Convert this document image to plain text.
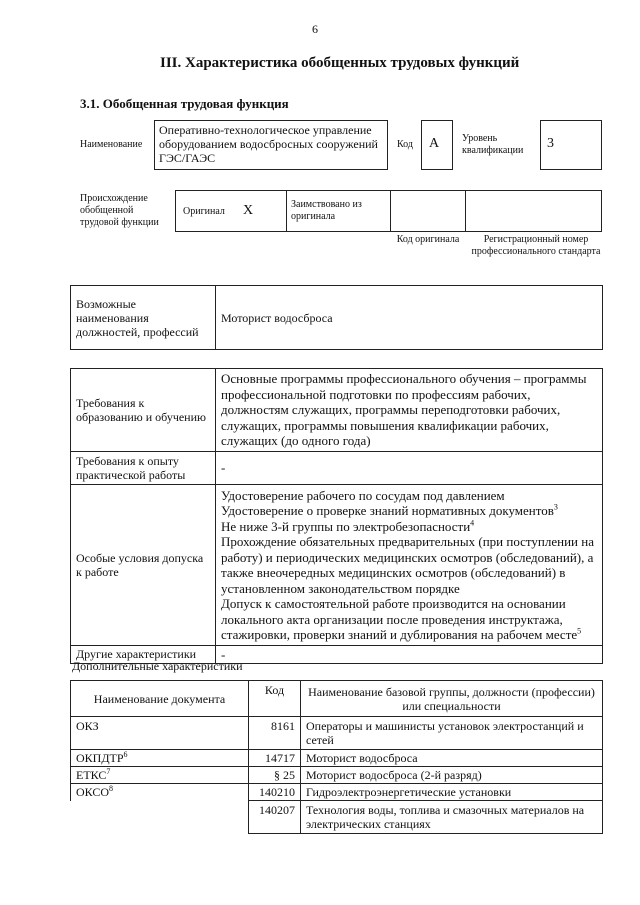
6
III. Характеристика обобщенных трудовых функций
3.1. Обобщенная трудовая функция
Наименование
Оперативно-технологическое управление оборудованием водосбросных сооружений ГЭС/ГАЭС
Код	А	Уровень квалификации	3
Происхождение обобщенной трудовой функции
Оригинал X	Заимствовано из оригинала
Код оригинала	Регистрационный номер профессионального стандарта
Возможные наименования должностей, профессий	Моторист водосброса
Требования к образованию и обучению	Основные программы профессионального обучения – программы профессиональной подготовки по профессиям рабочих, должностям служащих, программы переподготовки рабочих, служащих, программы повышения квалификации рабочих, служащих (до одного года)
Требования к опыту практической работы	-
Особые условия допуска к работе	Удостоверение рабочего по сосудам под давлением
Удостоверение о проверке знаний нормативных документов$^3$
Не ниже 3-й группы по электробезопасности$^4$
Прохождение обязательных предварительных (при поступлении на работу) и периодических медицинских осмотров (обследований), а также внеочередных медицинских осмотров (обследований) в установленном законодательством порядке
Допуск к самостоятельной работе производится на основании локального акта организации после проведения инструктажа, стажировки, проверки знаний и дублирования на рабочем месте$^5$

Другие характеристики	-
Дополнительные характеристики
Наименование документа	Код	Наименование базовой группы, должности (профессии) или специальности
ОКЗ	8161	Операторы и машинисты установок электростанций и сетей
ОКПДТР$^6$	14717	Моторист водосброса
ЕТКС$^7$	§ 25	Моторист водосброса (2-й разряд)
ОКСО$^8$	140210	Гидроэлектроэнергетические установки
	140207	Технология воды, топлива и смазочных материалов на электрических станциях
